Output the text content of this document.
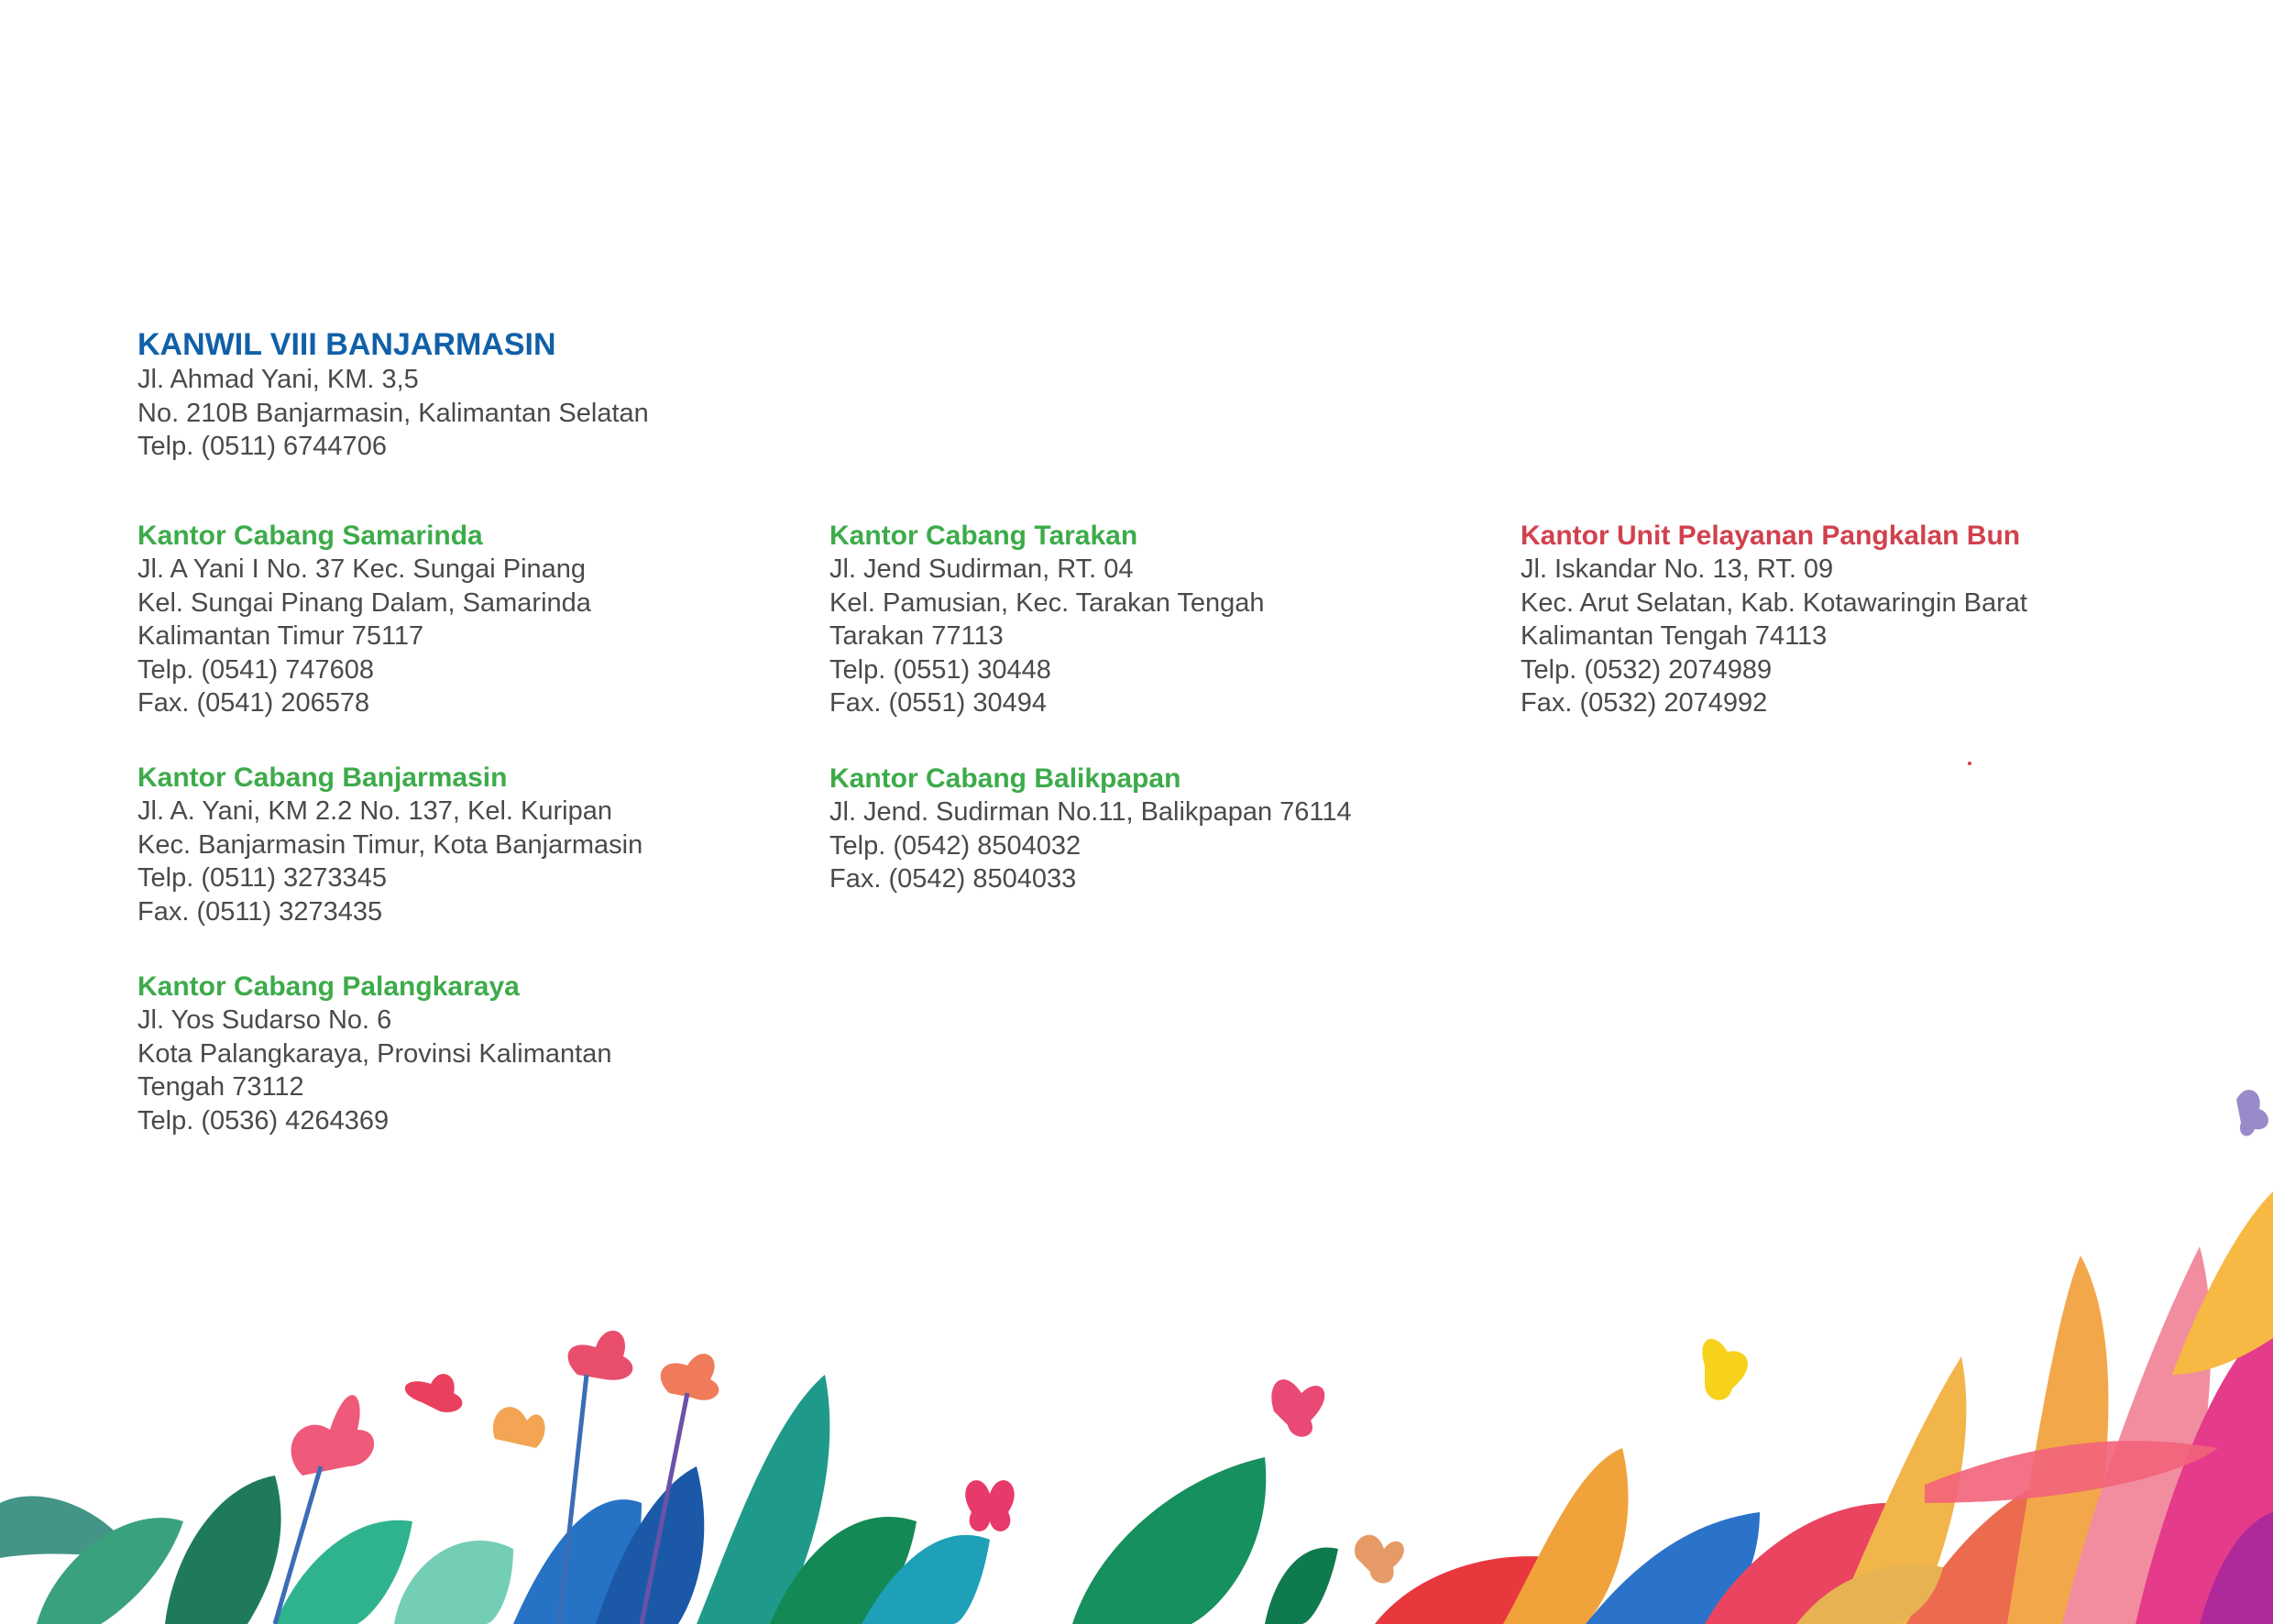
KANWIL VIII BANJARMASIN
Jl. Ahmad Yani, KM. 3,5
No. 210B Banjarmasin, Kalimantan Selatan
Telp. (0511) 6744706
Kantor Cabang Samarinda
Jl. A Yani I No. 37 Kec. Sungai Pinang
Kel. Sungai Pinang Dalam, Samarinda
Kalimantan Timur 75117
Telp. (0541) 747608
Fax. (0541) 206578
Kantor Cabang Banjarmasin
Jl. A. Yani, KM 2.2 No. 137, Kel. Kuripan
Kec. Banjarmasin Timur, Kota Banjarmasin
Telp. (0511) 3273345
Fax. (0511) 3273435
Kantor Cabang Palangkaraya
Jl. Yos Sudarso No. 6
Kota Palangkaraya, Provinsi Kalimantan
Tengah 73112
Telp. (0536) 4264369
Kantor Cabang Tarakan
Jl. Jend Sudirman, RT. 04
Kel. Pamusian, Kec. Tarakan Tengah
Tarakan 77113
Telp. (0551) 30448
Fax. (0551) 30494
Kantor Cabang Balikpapan
Jl. Jend. Sudirman No.11, Balikpapan 76114
Telp. (0542) 8504032
Fax. (0542) 8504033
Kantor Unit Pelayanan Pangkalan Bun
Jl. Iskandar No. 13, RT. 09
Kec. Arut Selatan, Kab. Kotawaringin Barat
Kalimantan Tengah 74113
Telp. (0532) 2074989
Fax. (0532) 2074992
